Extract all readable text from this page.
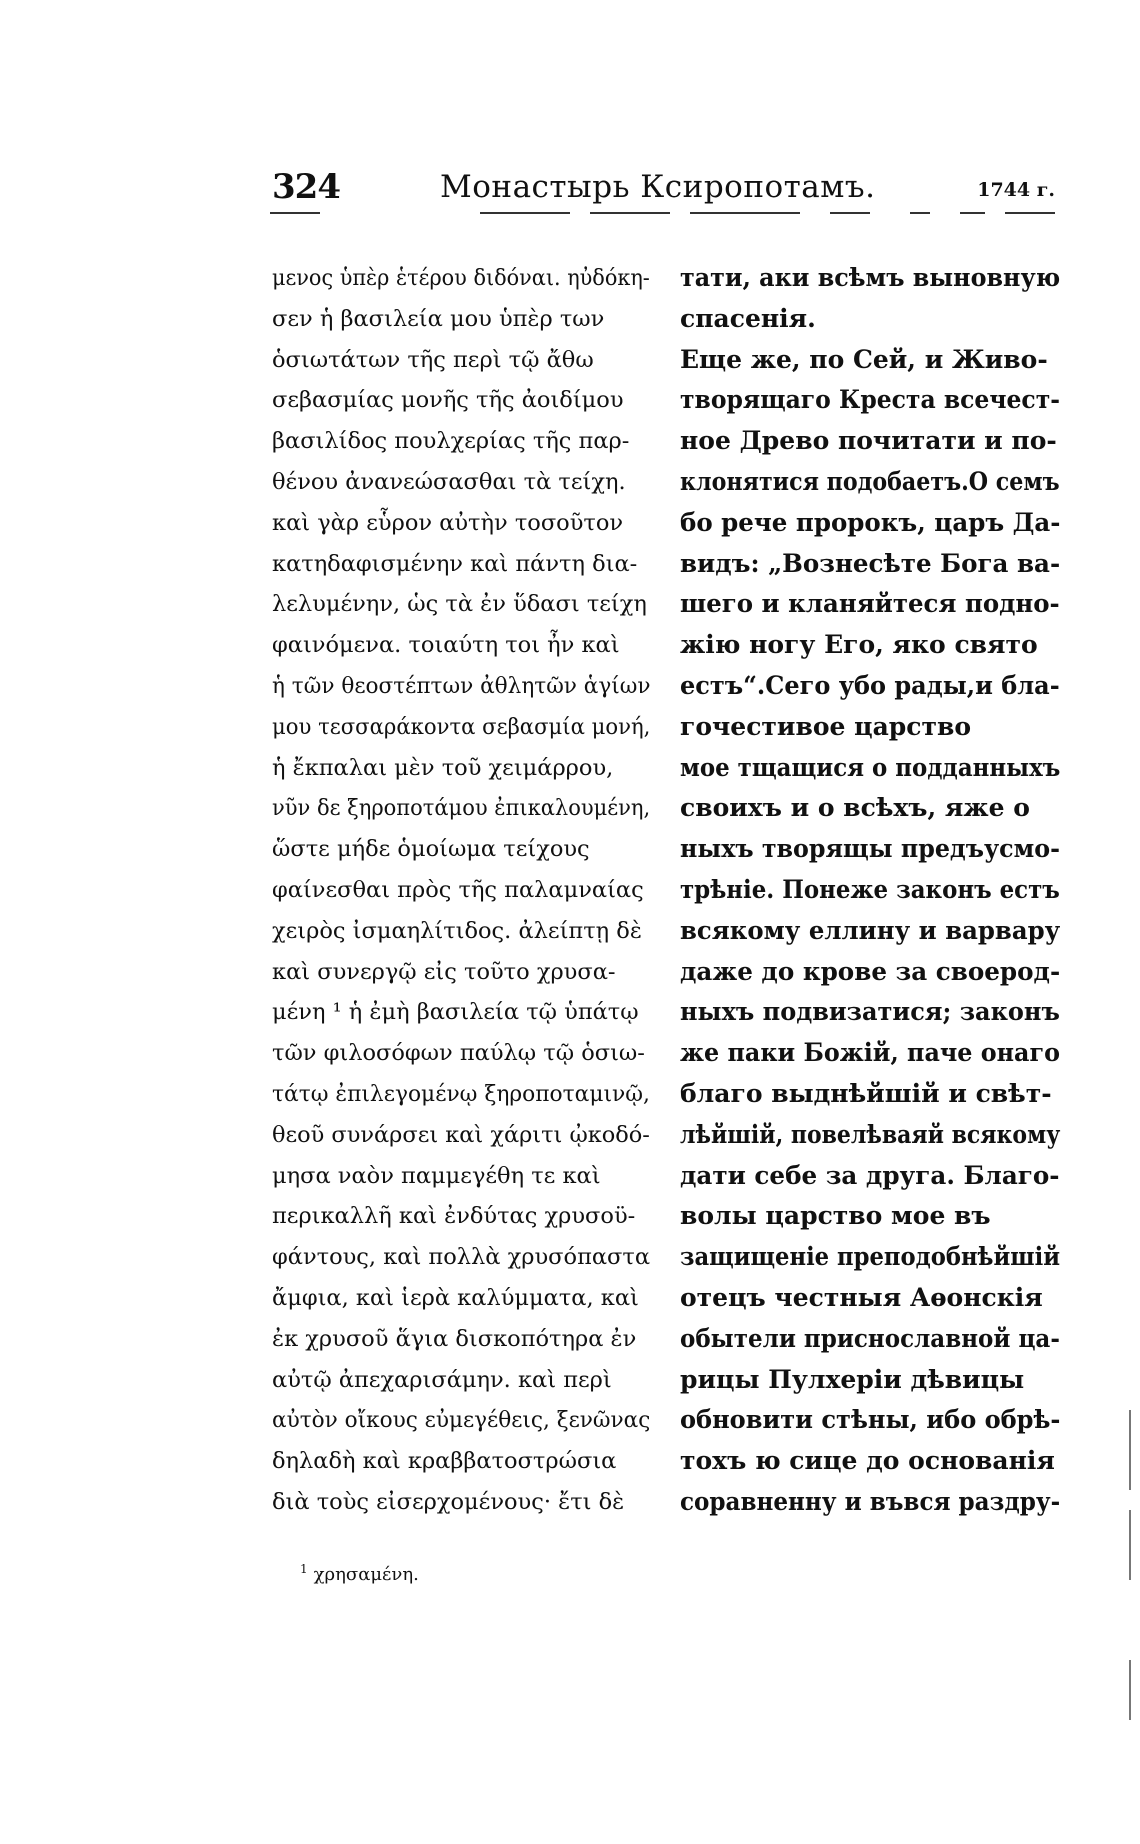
324	Монастырь Ксиропотамъ.	1744 г.
μενος ὑπὲρ ἑτέρου διδόναι. ηὐδόκη-
σεν ἡ βασιλεία μου ὑπὲρ των
ὁσιωτάτων τῆς περὶ τῷ ἄθω
σεβασμίας μονῆς τῆς ἀοιδίμου
βασιλίδος πουλχερίας τῆς παρ-
θένου ἀνανεώσασθαι τὰ τείχη.
καὶ γὰρ εὗρον αὐτὴν τοσοῦτον
κατηδαφισμένην καὶ πάντη δια-
λελυμένην, ὡς τὰ ἐν ὕδασι τείχη
φαινόμενα. τοιαύτη τοι ἦν καὶ
ἡ τῶν θεοστέπτων ἀθλητῶν ἁγίων
μου τεσσαράκοντα σεβασμία μονή,
ἡ ἔκπαλαι μὲν τοῦ χειμάρρου,
νῦν δε ξηροποτάμου ἐπικαλουμένη,
ὥστε μήδε ὁμοίωμα τείχους
φαίνεσθαι πρὸς τῆς παλαμναίας
χειρὸς ἰσμαηλίτιδος. ἀλείπτῃ δὲ
καὶ συνεργῷ εἰς τοῦτο χρυσα-
μένη ¹ ἡ ἐμὴ βασιλεία τῷ ὑπάτῳ
τῶν φιλοσόφων παύλῳ τῷ ὁσιω-
τάτῳ ἐπιλεγομένῳ ξηροποταμινῷ,
θεοῦ συνάρσει καὶ χάριτι ᾠκοδό-
μησα ναὸν παμμεγέθη τε καὶ
περικαλλῆ καὶ ἐνδύτας χρυσοϋ-
φάντους, καὶ πολλὰ χρυσόπαστα
ἄμφια, καὶ ἱερὰ καλύμματα, καὶ
ἐκ χρυσοῦ ἅγια δισκοπότηρα ἐν
αὐτῷ ἀπεχαρισάμην. καὶ περὶ
αὐτὸν οἴκους εὐμεγέθεις, ξενῶνας
δηλαδὴ καὶ κραββατοστρώσια
διὰ τοὺς εἰσερχομένους· ἔτι δὲ
тати, аки всѣмъ выновную
спасенія.
Еще же, по Сей, и Живо-
творящаго Креста всечест-
ное Древо почитати и по-
клонятися подобаетъ.О семъ
бо рече пророкъ, царъ Да-
видъ: „Вознесѣте Бога ва-
шего и кланяйтеся подно-
жію ногу Его, яко свято
естъ“.Сего убо рады,и бла-
гочестивое царство
мое тщащися о подданныхъ
своихъ и о всѣхъ, яже о
ныхъ творящы предъусмо-
трѣніе. Понеже законъ естъ
всякому еллину и варвару
даже до крове за своерод-
ныхъ подвизатися; законъ
же паки Божій, паче онаго
благо выднѣйшій и свѣт-
лѣйшій, повелѣваяй всякому
дати себе за друга. Благо-
волы царство мое въ
защищеніе преподобнѣйшій
отецъ честныя Аѳонскія
обытели присноcлавной ца-
рицы Пулхеріи дѣвицы
обновити стѣны, ибо обрѣ-
тохъ ю сице до основанія
соравненну и въвся раздру-
$^1$ χρησαμένη.
